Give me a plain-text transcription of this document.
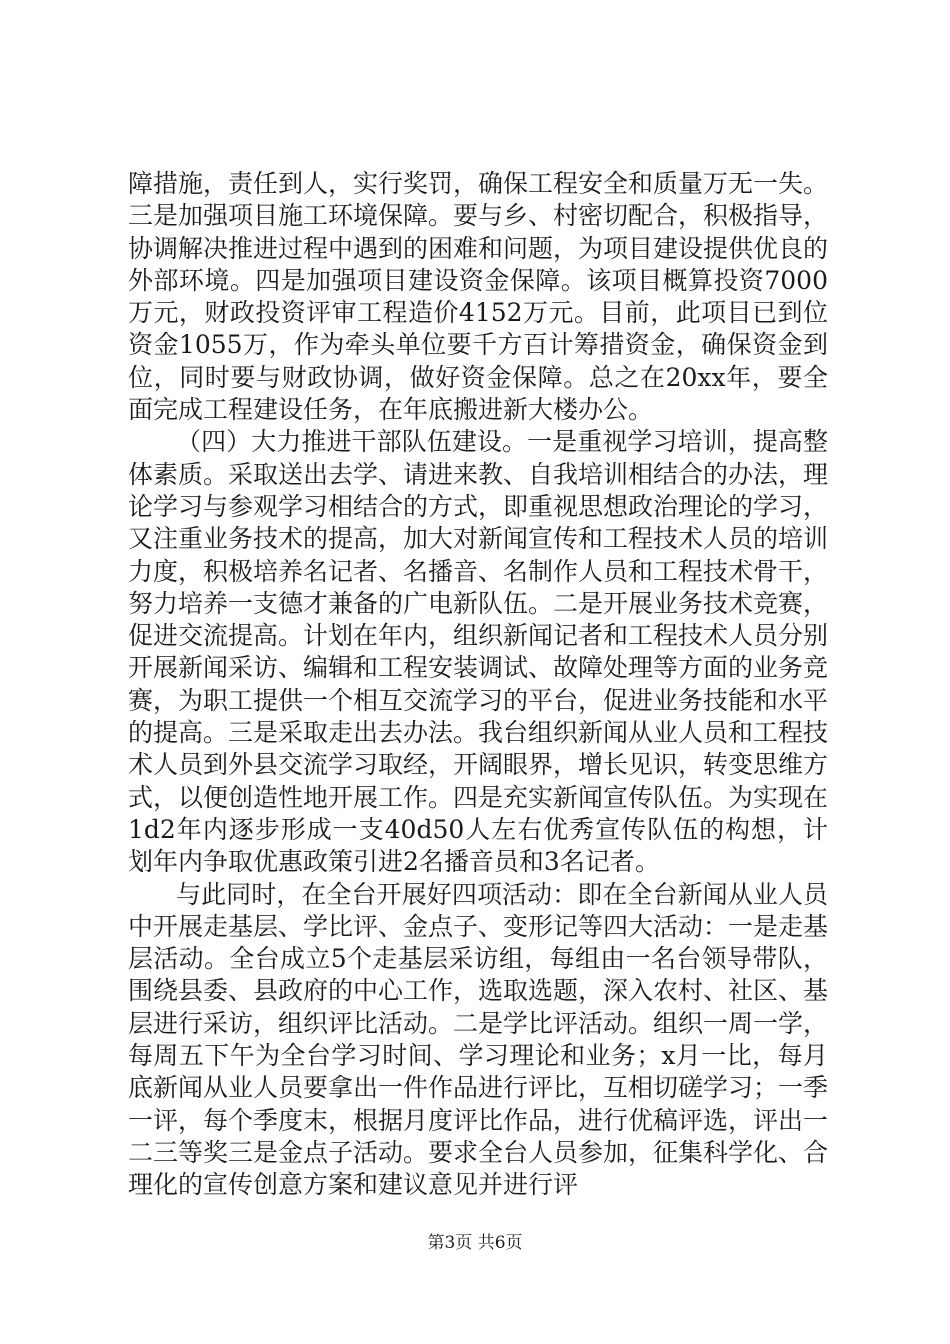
障措施，责任到人，实行奖罚，确保工程安全和质量万无一失。三是加强项目施工环境保障。要与乡、村密切配合，积极指导，协调解决推进过程中遇到的困难和问题，为项目建设提供优良的外部环境。四是加强项目建设资金保障。该项目概算投资7000万元，财政投资评审工程造价4152万元。目前，此项目已到位资金1055万，作为牵头单位要千方百计筹措资金，确保资金到位，同时要与财政协调，做好资金保障。总之在20xx年，要全面完成工程建设任务，在年底搬进新大楼办公。

（四）大力推进干部队伍建设。一是重视学习培训，提高整体素质。采取送出去学、请进来教、自我培训相结合的办法，理论学习与参观学习相结合的方式，即重视思想政治理论的学习，又注重业务技术的提高，加大对新闻宣传和工程技术人员的培训力度，积极培养名记者、名播音、名制作人员和工程技术骨干，努力培养一支德才兼备的广电新队伍。二是开展业务技术竞赛，促进交流提高。计划在年内，组织新闻记者和工程技术人员分别开展新闻采访、编辑和工程安装调试、故障处理等方面的业务竞赛，为职工提供一个相互交流学习的平台，促进业务技能和水平的提高。三是采取走出去办法。我台组织新闻从业人员和工程技术人员到外县交流学习取经，开阔眼界，增长见识，转变思维方式，以便创造性地开展工作。四是充实新闻宣传队伍。为实现在1d2年内逐步形成一支40d50人左右优秀宣传队伍的构想，计划年内争取优惠政策引进2名播音员和3名记者。

与此同时，在全台开展好四项活动：即在全台新闻从业人员中开展走基层、学比评、金点子、变形记等四大活动：一是走基层活动。全台成立5个走基层采访组，每组由一名台领导带队，围绕县委、县政府的中心工作，选取选题，深入农村、社区、基层进行采访，组织评比活动。二是学比评活动。组织一周一学，每周五下午为全台学习时间、学习理论和业务；x月一比，每月底新闻从业人员要拿出一件作品进行评比，互相切磋学习；一季一评，每个季度末，根据月度评比作品，进行优稿评选，评出一二三等奖三是金点子活动。要求全台人员参加，征集科学化、合理化的宣传创意方案和建议意见并进行评

第3页 共6页
